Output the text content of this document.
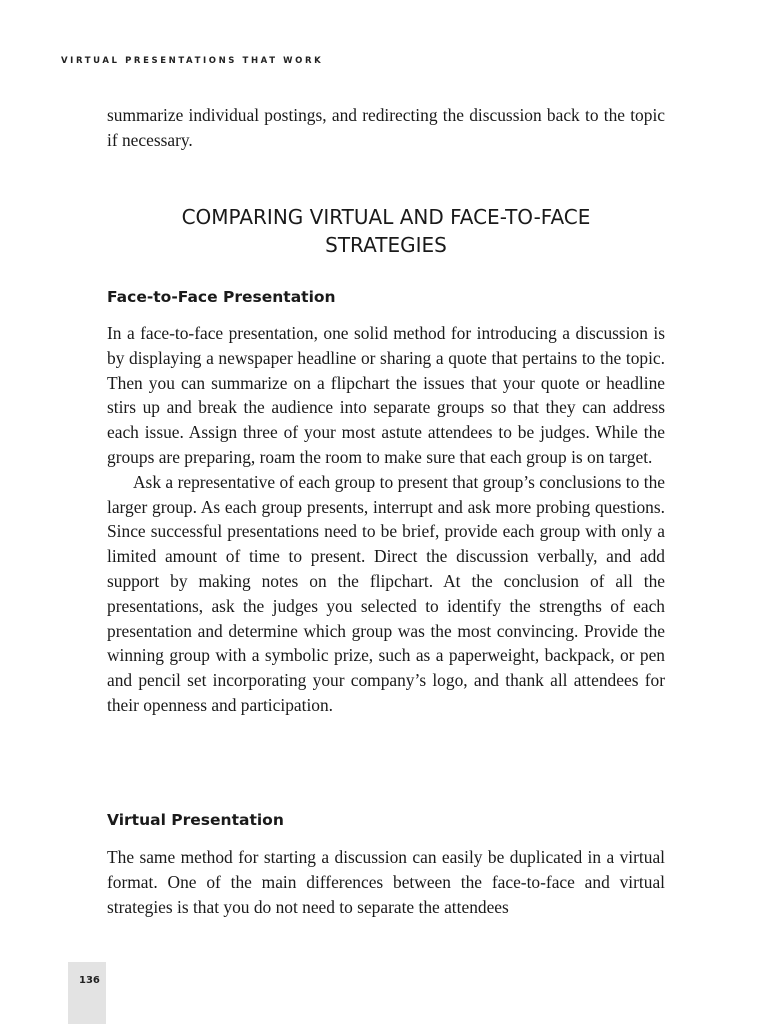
VIRTUAL PRESENTATIONS THAT WORK

summarize individual postings, and redirecting the discussion back to the topic if necessary.

COMPARING VIRTUAL AND FACE-TO-FACE
STRATEGIES
Face-to-Face Presentation

In a face-to-face presentation, one solid method for introducing a discussion is by displaying a newspaper headline or sharing a quote that pertains to the topic. Then you can summarize on a flipchart the issues that your quote or headline stirs up and break the audience into separate groups so that they can address each issue. Assign three of your most astute attendees to be judges. While the groups are preparing, roam the room to make sure that each group is on target.

Ask a representative of each group to present that group’s conclusions to the larger group. As each group presents, interrupt and ask more probing questions. Since successful presentations need to be brief, provide each group with only a limited amount of time to present. Direct the discussion verbally, and add support by making notes on the flipchart. At the conclusion of all the presentations, ask the judges you selected to identify the strengths of each presentation and determine which group was the most convincing. Provide the winning group with a symbolic prize, such as a paperweight, backpack, or pen and pencil set incorporating your company’s logo, and thank all attendees for their openness and participation.

Virtual Presentation

The same method for starting a discussion can easily be duplicated in a virtual format. One of the main differences between the face-to-face and virtual strategies is that you do not need to separate the attendees

136
